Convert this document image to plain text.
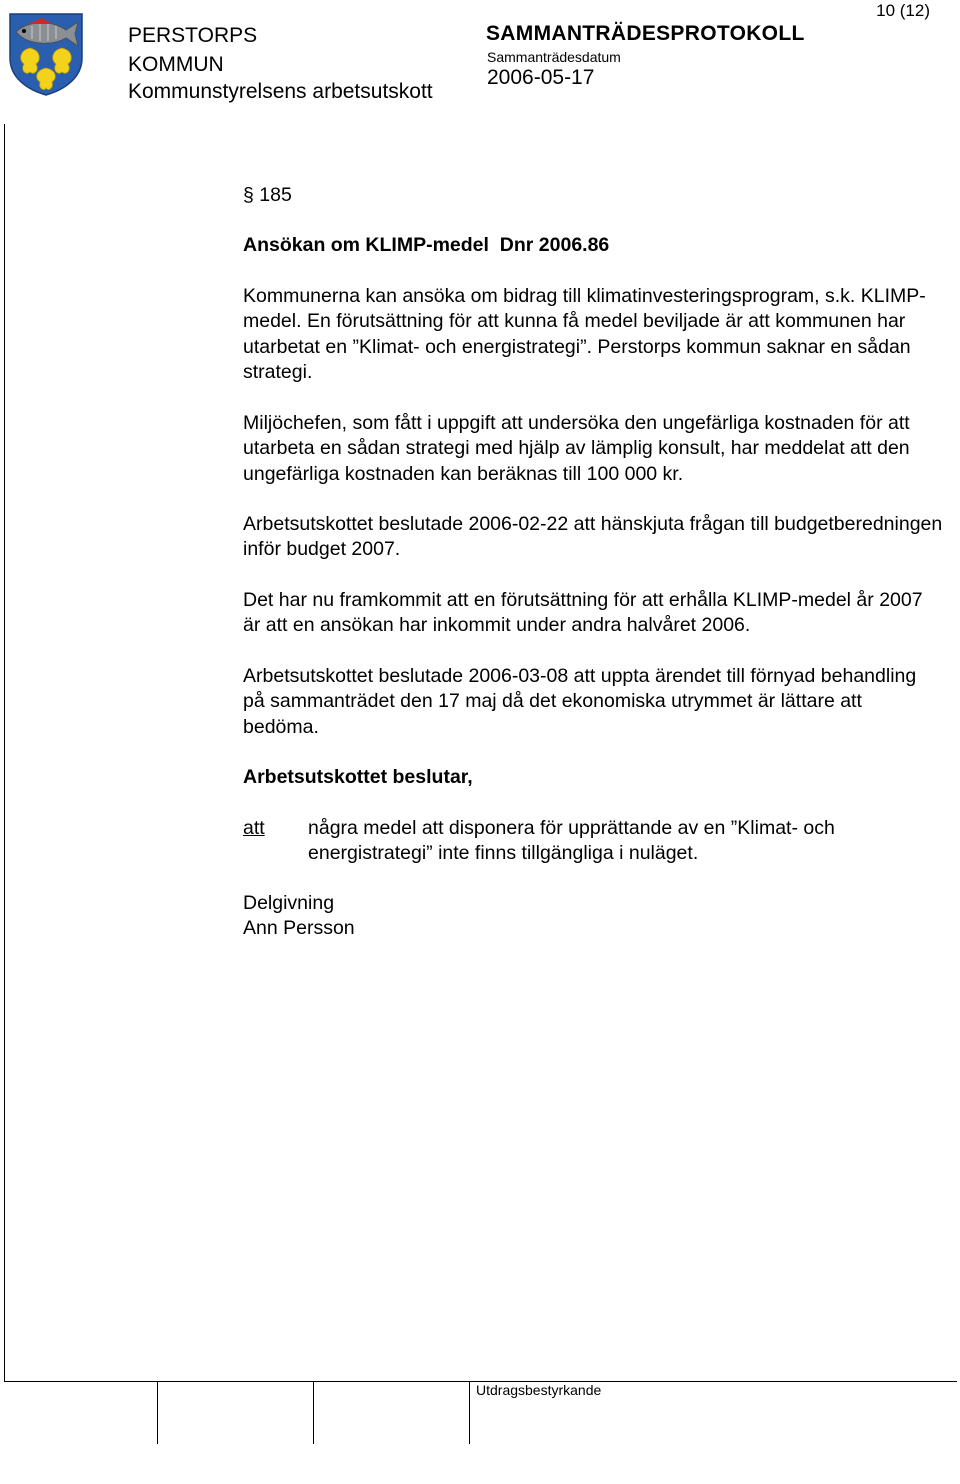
10 (12)
PERSTORPS
KOMMUN
Kommunstyrelsens arbetsutskott
SAMMANTRÄDESPROTOKOLL
Sammanträdesdatum
2006-05-17
§ 185
Ansökan om KLIMP-medel  Dnr 2006.86

Kommunerna kan ansöka om bidrag till klimatinvesteringsprogram, s.k. KLIMP-medel. En förutsättning för att kunna få medel beviljade är att kommunen har utarbetat en ”Klimat- och energistrategi”. Perstorps kommun saknar en sådan strategi.

Miljöchefen, som fått i uppgift att undersöka den ungefärliga kostnaden för att utarbeta en sådan strategi med hjälp av lämplig konsult, har meddelat att den ungefärliga kostnaden kan beräknas till 100 000 kr.

Arbetsutskottet beslutade 2006-02-22 att hänskjuta frågan till budgetberedningen inför budget 2007.

Det har nu framkommit att en förutsättning för att erhålla KLIMP-medel år 2007 är att en ansökan har inkommit under andra halvåret 2006.

Arbetsutskottet beslutade 2006-03-08 att uppta ärendet till förnyad behandling på sammanträdet den 17 maj då det ekonomiska utrymmet är lättare att bedöma.

Arbetsutskottet beslutar,
att några medel att disponera för upprättande av en ”Klimat- och energistrategi” inte finns tillgängliga i nuläget.
Delgivning
Ann Persson
Utdragsbestyrkande
